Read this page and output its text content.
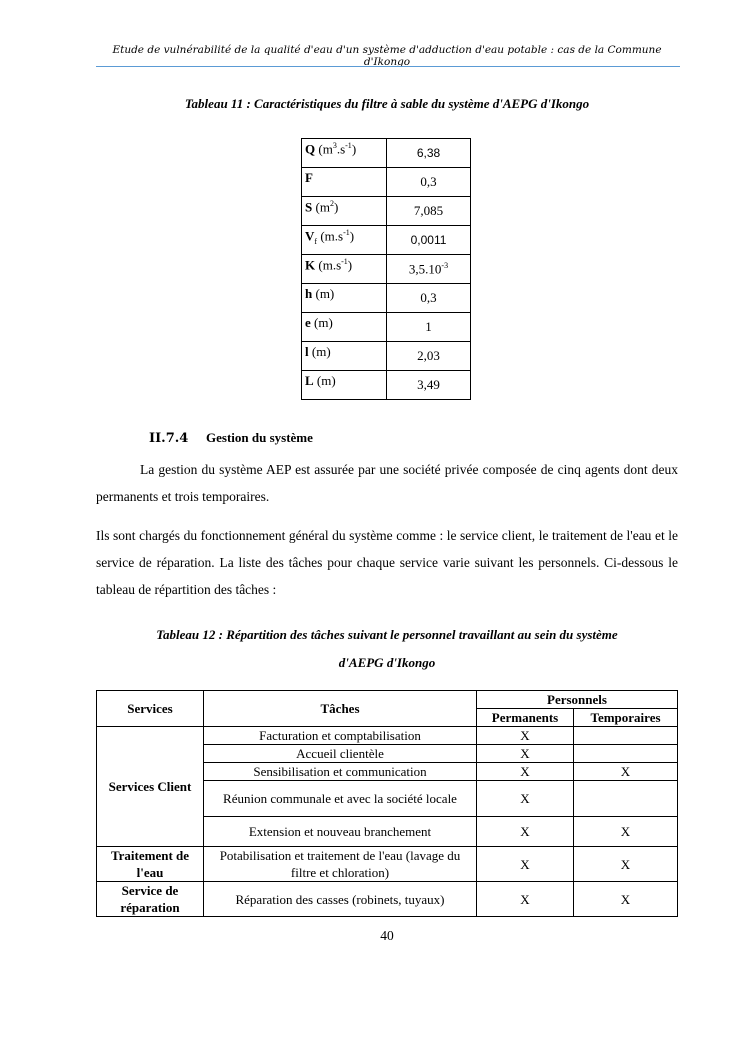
Etude de vulnérabilité de la qualité d'eau d'un système d'adduction d'eau potable : cas de la Commune d'Ikongo
Tableau 11 : Caractéristiques du filtre à sable du système d'AEPG d'Ikongo
Q $(m^3.s^{-1})$	6,38
F	0,3
S $(m^2)$	7,085
$V_f$ $(m.s^{-1})$	0,0011
K $(m.s^{-1})$	$3,5.10^{-3}$
h (m)	0,3
e (m)	1
l (m)	2,03
L (m)	3,49
II.7.4 Gestion du système
La gestion du système AEP est assurée par une société privée composée de cinq agents dont deux permanents et trois temporaires.
Ils sont chargés du fonctionnement général du système comme : le service client, le traitement de l'eau et le service de réparation. La liste des tâches pour chaque service varie suivant les personnels. Ci-dessous le tableau de répartition des tâches :
Tableau 12 : Répartition des tâches suivant le personnel travaillant au sein du système
d'AEPG d'Ikongo
Services	Tâches	Personnels	
		Permanents	Temporaires
Services Client	Facturation et comptabilisation	X	
	Accueil clientèle	X	
	Sensibilisation et communication	X	X
	Réunion communale et avec la société locale	X	
	Extension et nouveau branchement	X	X
Traitement de l'eau	Potabilisation et traitement de l'eau (lavage du filtre et chloration)	X	X
Service de réparation	Réparation des casses (robinets, tuyaux)	X	X
40
